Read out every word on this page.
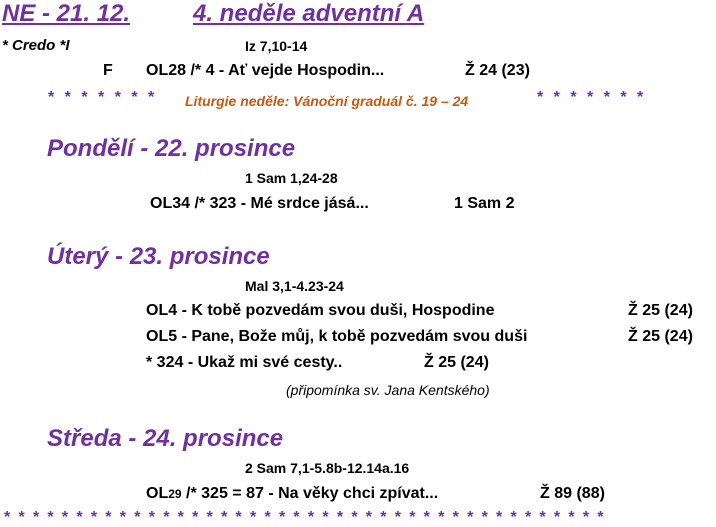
NE - 21. 12.	4. neděle adventní A
* Credo *I	Iz 7,10-14
F OL28 /* 4 - Ať vejde Hospodin...	Ž 24 (23)
* * * * * * * Liturgie neděle: Vánoční graduál č. 19 – 24	* * * * * * *
Pondělí - 22. prosince
1 Sam 1,24-28
OL34 /* 323 - Mé srdce jásá...	1 Sam 2
Úterý - 23. prosince
Mal 3,1-4.23-24
OL4 - K tobě pozvedám svou duši, Hospodine	Ž 25 (24)
OL5 - Pane, Bože můj, k tobě pozvedám svou duši	Ž 25 (24)
* 324 - Ukaž mi své cesty..	Ž 25 (24)
(připomínka sv. Jana Kentského)
Středa - 24. prosince
2 Sam 7,1-5.8b-12.14a.16
OL29 /* 325 = 87 - Na věky chci zpívat...	Ž 89 (88)
* * * * * * * * * * * * * * * * * * * * * * * * * * * * * * * * * * * * * * * * * *
